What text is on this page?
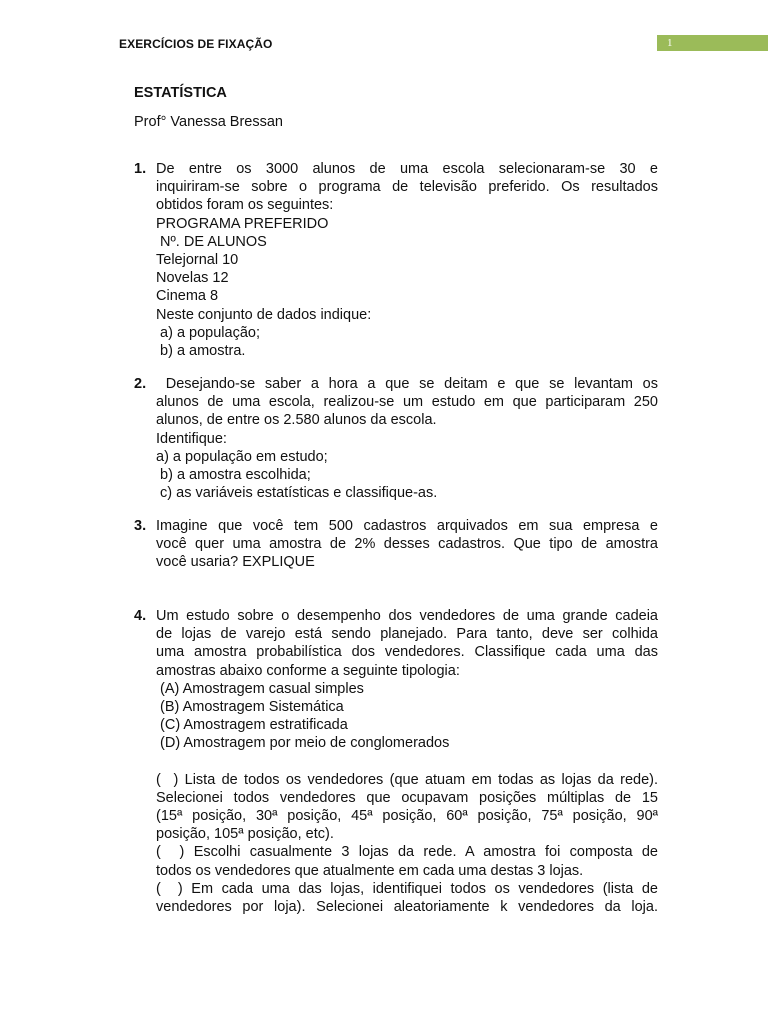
EXERCÍCIOS DE FIXAÇÃO	1
ESTATÍSTICA
Prof° Vanessa Bressan
1. De entre os 3000 alunos de uma escola selecionaram-se 30 e
inquiriram-se sobre o programa de televisão preferido. Os resultados
obtidos foram os seguintes:
PROGRAMA PREFERIDO
Nº. DE ALUNOS
Telejornal 10
Novelas 12
Cinema 8
Neste conjunto de dados indique:
a) a população;
b) a amostra.
2. Desejando-se saber a hora a que se deitam e que se levantam os
alunos de uma escola, realizou-se um estudo em que participaram 250
alunos, de entre os 2.580 alunos da escola.
Identifique:
a) a população em estudo;
b) a amostra escolhida;
c) as variáveis estatísticas e classifique-as.
3. Imagine que você tem 500 cadastros arquivados em sua empresa e
você quer uma amostra de 2% desses cadastros. Que tipo de amostra
você usaria? EXPLIQUE
4. Um estudo sobre o desempenho dos vendedores de uma grande cadeia
de lojas de varejo está sendo planejado. Para tanto, deve ser colhida
uma amostra probabilística dos vendedores. Classifique cada uma das
amostras abaixo conforme a seguinte tipologia:
(A) Amostragem casual simples
(B) Amostragem Sistemática
(C) Amostragem estratificada
(D) Amostragem por meio de conglomerados
(  ) Lista de todos os vendedores (que atuam em todas as lojas da rede).
Selecionei todos vendedores que ocupavam posições múltiplas de 15
(15ª posição, 30ª posição, 45ª posição, 60ª posição, 75ª posição, 90ª
posição, 105ª posição, etc).
(  ) Escolhi casualmente 3 lojas da rede. A amostra foi composta de
todos os vendedores que atualmente em cada uma destas 3 lojas.
(  ) Em cada uma das lojas, identifiquei todos os vendedores (lista de
vendedores por loja). Selecionei aleatoriamente k vendedores da loja.
